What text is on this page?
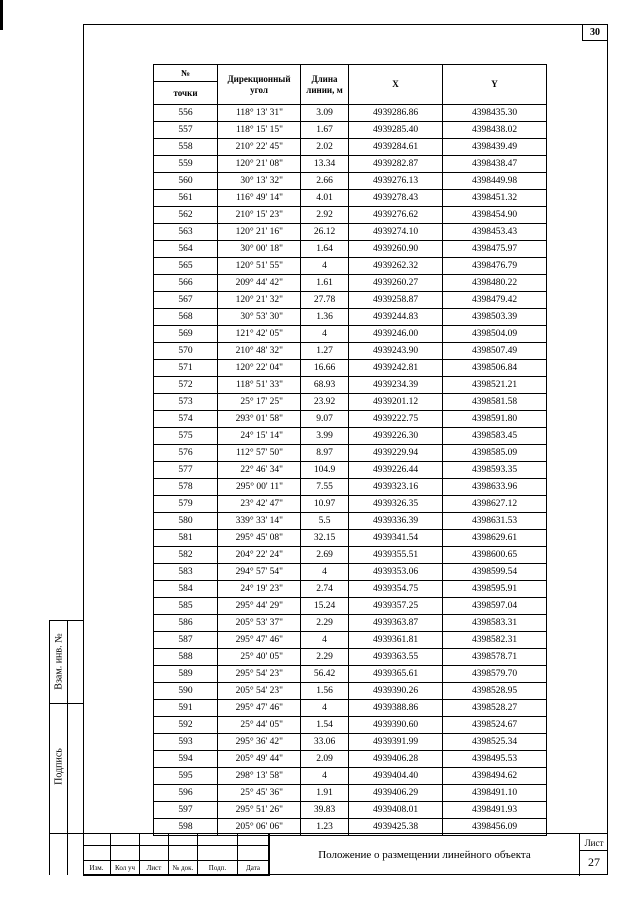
30
№	Дирекционный угол	Длина линии, м	X	Y
точки				
556	118° 13' 31"	3.09	4939286.86	4398435.30
557	118° 15' 15"	1.67	4939285.40	4398438.02
558	210° 22' 45"	2.02	4939284.61	4398439.49
559	120° 21' 08"	13.34	4939282.87	4398438.47
560	30° 13' 32"	2.66	4939276.13	4398449.98
561	116° 49' 14"	4.01	4939278.43	4398451.32
562	210° 15' 23"	2.92	4939276.62	4398454.90
563	120° 21' 16"	26.12	4939274.10	4398453.43
564	30° 00' 18"	1.64	4939260.90	4398475.97
565	120° 51' 55"	4	4939262.32	4398476.79
566	209° 44' 42"	1.61	4939260.27	4398480.22
567	120° 21' 32"	27.78	4939258.87	4398479.42
568	30° 53' 30"	1.36	4939244.83	4398503.39
569	121° 42' 05"	4	4939246.00	4398504.09
570	210° 48' 32"	1.27	4939243.90	4398507.49
571	120° 22' 04"	16.66	4939242.81	4398506.84
572	118° 51' 33"	68.93	4939234.39	4398521.21
573	25° 17' 25"	23.92	4939201.12	4398581.58
574	293° 01' 58"	9.07	4939222.75	4398591.80
575	24° 15' 14"	3.99	4939226.30	4398583.45
576	112° 57' 50"	8.97	4939229.94	4398585.09
577	22° 46' 34"	104.9	4939226.44	4398593.35
578	295° 00' 11"	7.55	4939323.16	4398633.96
579	23° 42' 47"	10.97	4939326.35	4398627.12
580	339° 33' 14"	5.5	4939336.39	4398631.53
581	295° 45' 08"	32.15	4939341.54	4398629.61
582	204° 22' 24"	2.69	4939355.51	4398600.65
583	294° 57' 54"	4	4939353.06	4398599.54
584	24° 19' 23"	2.74	4939354.75	4398595.91
585	295° 44' 29"	15.24	4939357.25	4398597.04
586	205° 53' 37"	2.29	4939363.87	4398583.31
587	295° 47' 46"	4	4939361.81	4398582.31
588	25° 40' 05"	2.29	4939363.55	4398578.71
589	295° 54' 23"	56.42	4939365.61	4398579.70
590	205° 54' 23"	1.56	4939390.26	4398528.95
591	295° 47' 46"	4	4939388.86	4398528.27
592	25° 44' 05"	1.54	4939390.60	4398524.67
593	295° 36' 42"	33.06	4939391.99	4398525.34
594	205° 49' 44"	2.09	4939406.28	4398495.53
595	298° 13' 58"	4	4939404.40	4398494.62
596	25° 45' 36"	1.91	4939406.29	4398491.10
597	295° 51' 26"	39.83	4939408.01	4398491.93
598	205° 06' 06"	1.23	4939425.38	4398456.09
Взам. инв. №
Подпись
Изм.	Кол уч	Лист	№ док.	Подп.	Дата
Положение о размещении линейного объекта
Лист
27
